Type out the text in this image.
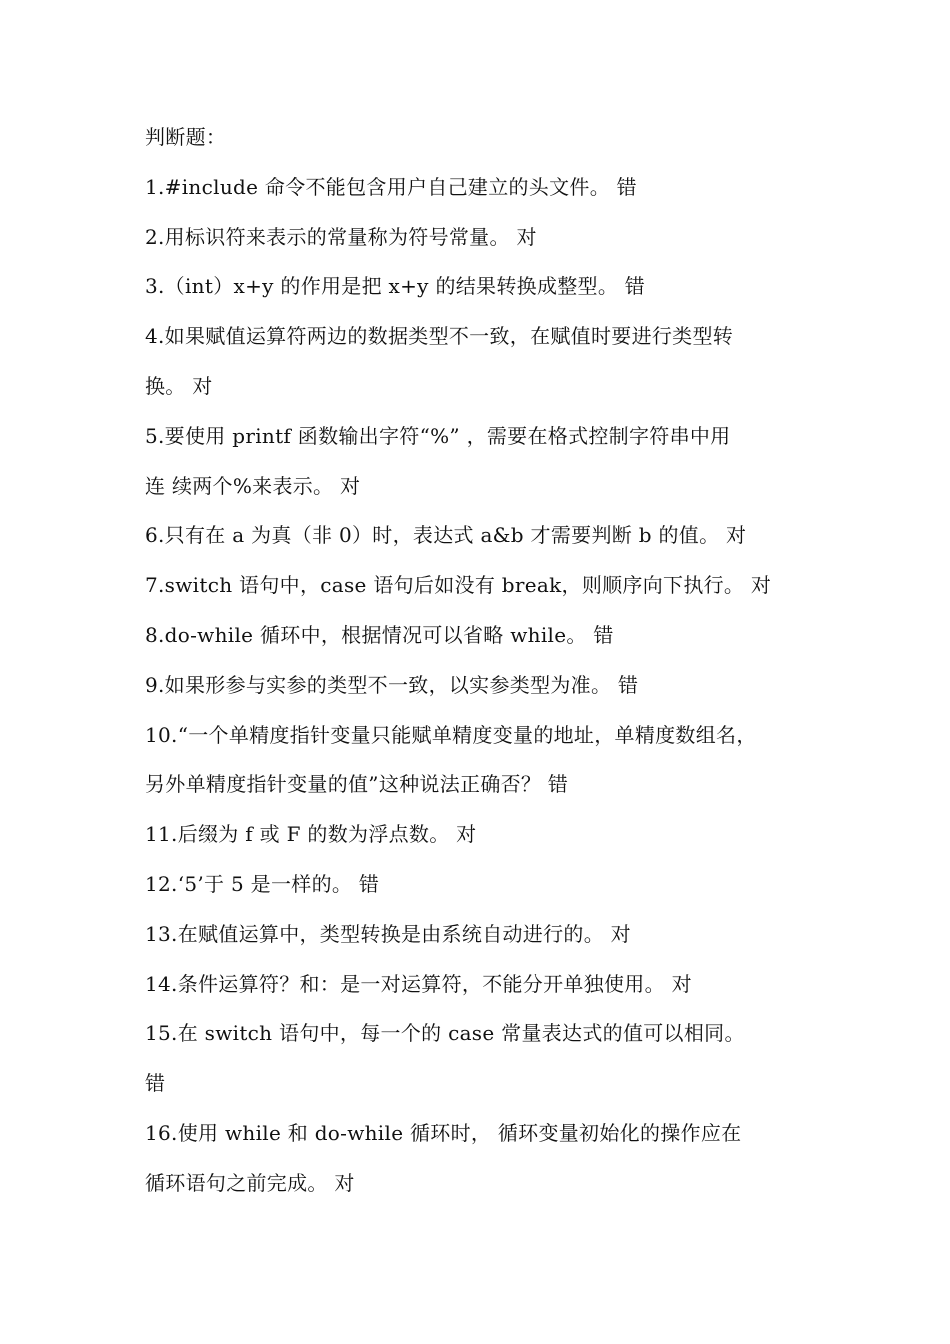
判断题：

1.#include 命令不能包含用户自己建立的头文件。 错

2.用标识符来表示的常量称为符号常量。 对

3.（int）x+y 的作用是把 x+y 的结果转换成整型。 错

4.如果赋值运算符两边的数据类型不一致，在赋值时要进行类型转

换。 对

5.要使用 printf 函数输出字符“%” ，需要在格式控制字符串中用

连 续两个%来表示。 对

6.只有在 a 为真（非 0）时，表达式 a&b 才需要判断 b 的值。 对

7.switch 语句中，case 语句后如没有 break，则顺序向下执行。 对

8.do-while 循环中，根据情况可以省略 while。 错

9.如果形参与实参的类型不一致，以实参类型为准。 错

10.“一个单精度指针变量只能赋单精度变量的地址，单精度数组名，

另外单精度指针变量的值”这种说法正确否？ 错

11.后缀为 f 或 F 的数为浮点数。 对

12.‘5’于 5 是一样的。 错

13.在赋值运算中，类型转换是由系统自动进行的。 对

14.条件运算符？和：是一对运算符，不能分开单独使用。 对

15.在 switch 语句中，每一个的 case 常量表达式的值可以相同。

错

16.使用 while 和 do-while 循环时， 循环变量初始化的操作应在

循环语句之前完成。 对
